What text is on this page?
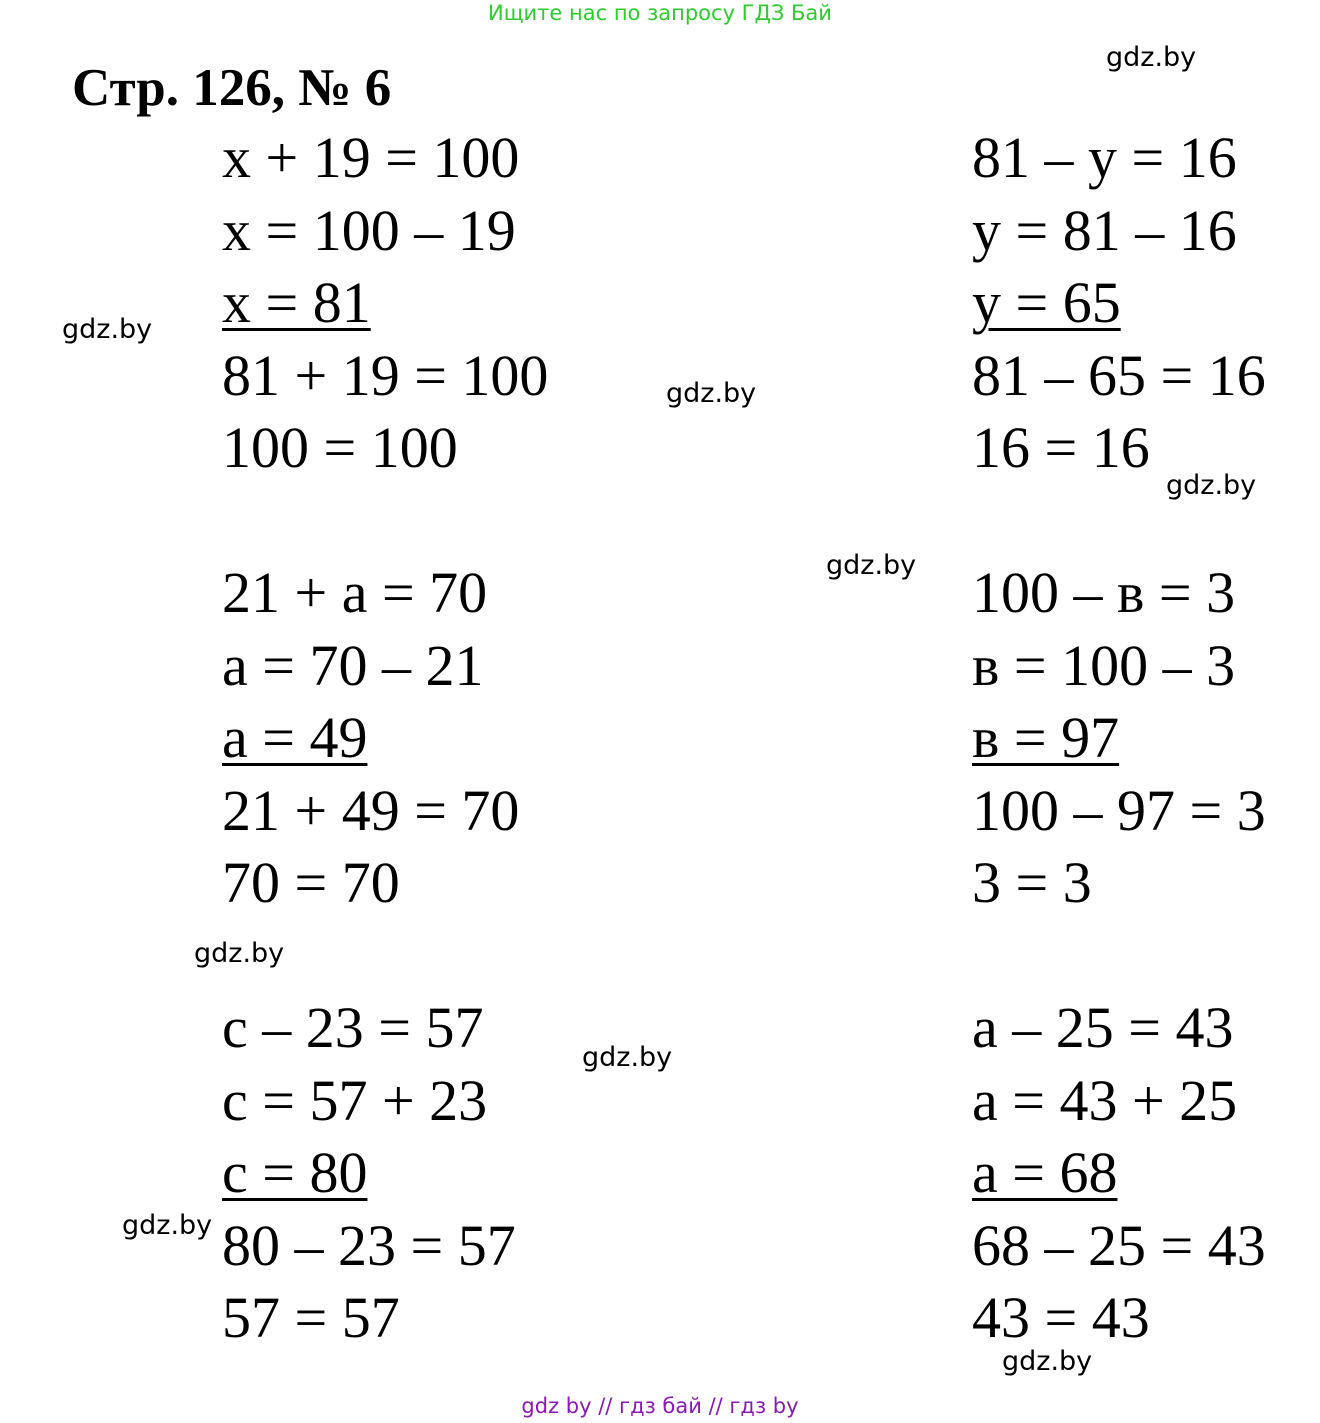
Ищите нас по запросу ГДЗ Бай
Стр. 126, № 6
x + 19 = 100
x = 100 – 19
x = 81
81 + 19 = 100
100 = 100
81 – y = 16
y = 81 – 16
y = 65
81 – 65 = 16
16 = 16
21 + a = 70
a = 70 – 21
a = 49
21 + 49 = 70
70 = 70
100 – в = 3
в = 100 – 3
в = 97
100 – 97 = 3
3 = 3
c – 23 = 57
c = 57 + 23
c = 80
80 – 23 = 57
57 = 57
a – 25 = 43
a = 43 + 25
a = 68
68 – 25 = 43
43 = 43
gdz.by
gdz.by
gdz.by
gdz.by
gdz.by
gdz.by
gdz.by
gdz.by
gdz.by
gdz by // гдз бай // гдз by
